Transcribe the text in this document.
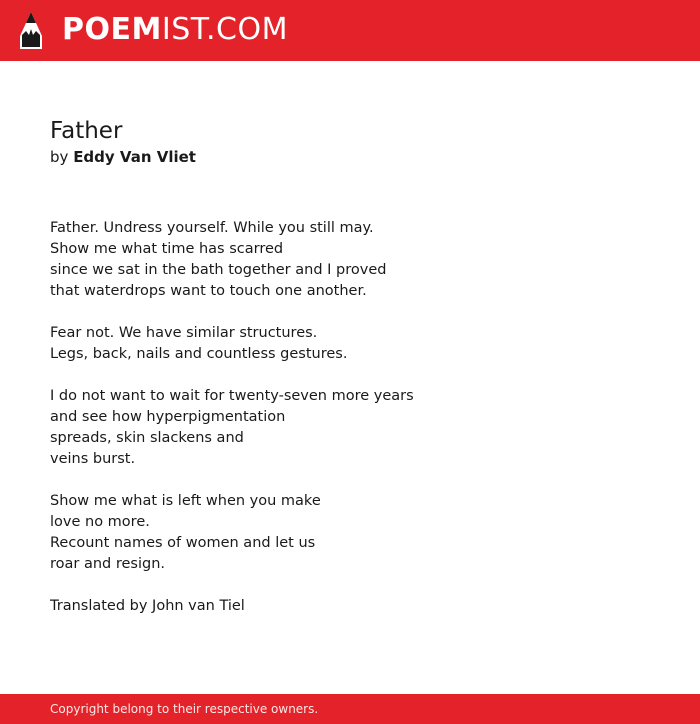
POEMIST.COM
Father

by Eddy Van Vliet

Father. Undress yourself. While you still may.
Show me what time has scarred
since we sat in the bath together and I proved
that waterdrops want to touch one another.

Fear not. We have similar structures.
Legs, back, nails and countless gestures.

I do not want to wait for twenty-seven more years
and see how hyperpigmentation
spreads, skin slackens and
veins burst.

Show me what is left when you make
love no more.
Recount names of women and let us
roar and resign.

Translated by John van Tiel

Copyright belong to their respective owners.
